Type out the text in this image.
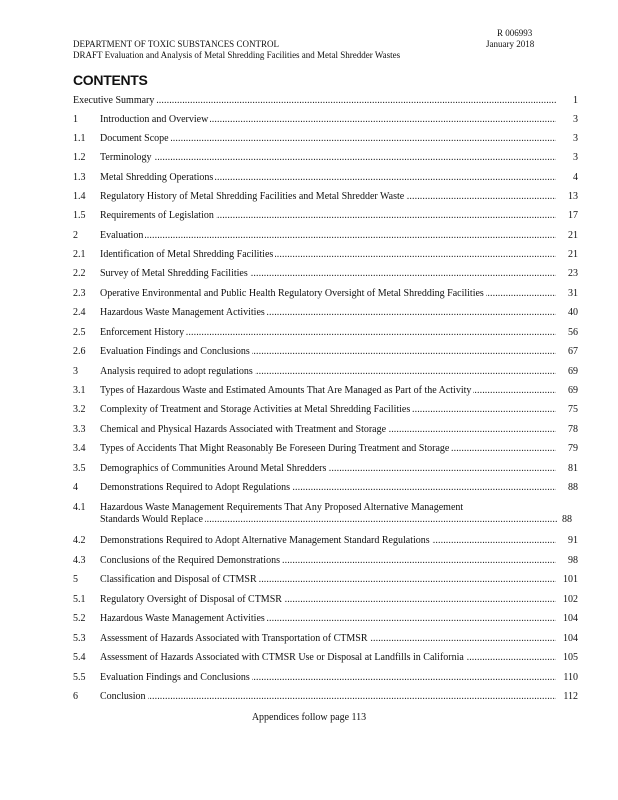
R 006993
January 2018
DEPARTMENT OF TOXIC SUBSTANCES CONTROL
DRAFT Evaluation and Analysis of Metal Shredding Facilities and Metal Shredder Wastes
CONTENTS
Executive Summary . . .	1
1 Introduction and Overview . . .	3
1.1 Document Scope . . .	3
1.2 Terminology . . .	3
1.3 Metal Shredding Operations . . .	4
1.4 Regulatory History of Metal Shredding Facilities and Metal Shredder Waste . . .	13
1.5 Requirements of Legislation . . .	17
2 Evaluation . . .	21
2.1 Identification of Metal Shredding Facilities . . .	21
2.2 Survey of Metal Shredding Facilities . . .	23
2.3 Operative Environmental and Public Health Regulatory Oversight of Metal Shredding Facilities . . .	31
2.4 Hazardous Waste Management Activities . . .	40
2.5 Enforcement History . . .	56
2.6 Evaluation Findings and Conclusions . . .	67
3 Analysis required to adopt regulations . . .	69
3.1 Types of Hazardous Waste and Estimated Amounts That Are Managed as Part of the Activity . . .	69
3.2 Complexity of Treatment and Storage Activities at Metal Shredding Facilities . . .	75
3.3 Chemical and Physical Hazards Associated with Treatment and Storage . . .	78
3.4 Types of Accidents That Might Reasonably Be Foreseen During Treatment and Storage . . .	79
3.5 Demographics of Communities Around Metal Shredders . . .	81
4 Demonstrations Required to Adopt Regulations . . .	88
4.1 Hazardous Waste Management Requirements That Any Proposed Alternative Management
Standards Would Replace . . .	88
4.2 Demonstrations Required to Adopt Alternative Management Standard Regulations . . .	91
4.3 Conclusions of the Required Demonstrations . . .	98
5 Classification and Disposal of CTMSR . . .	101
5.1 Regulatory Oversight of Disposal of CTMSR . . .	102
5.2 Hazardous Waste Management Activities . . .	104
5.3 Assessment of Hazards Associated with Transportation of CTMSR . . .	104
5.4 Assessment of Hazards Associated with CTMSR Use or Disposal at Landfills in California . . .	105
5.5 Evaluation Findings and Conclusions . . .	110
6 Conclusion . . .	112
Appendices follow page 113
